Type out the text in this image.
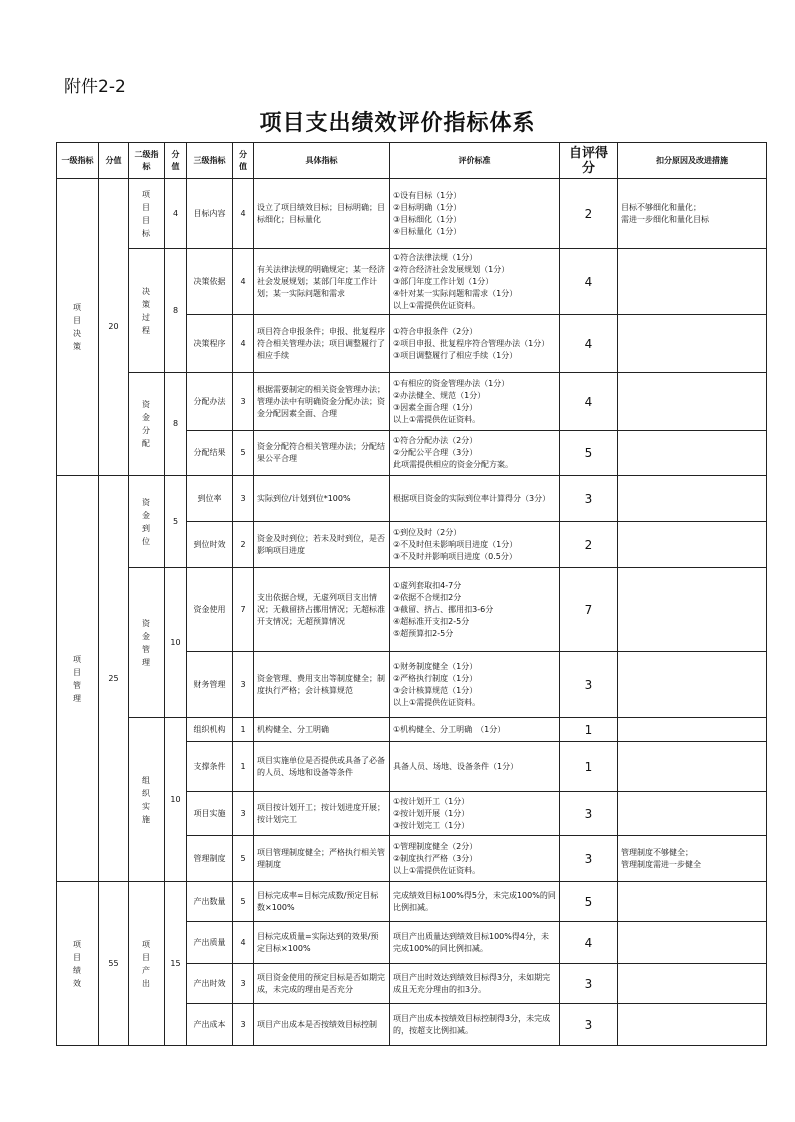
附件2-2
项目支出绩效评价指标体系
一级指标	分值	二级指标	分值	三级指标	分值	具体指标	评价标准	自评得分	扣分原因及改进措施
项目决策	20	项目目标	4	目标内容	4	设立了项目绩效目标；目标明确；目标细化；目标量化	①设有目标（1分）
②目标明确（1分）
③目标细化（1分）
④目标量化（1分）	2	目标不够细化和量化；
需进一步细化和量化目标

		决策过程	8	决策依据	4	有关法律法规的明确规定；某一经济社会发展规划；某部门年度工作计划；某一实际问题和需求	①符合法律法规（1分）
②符合经济社会发展规划（1分）
③部门年度工作计划（1分）
④针对某一实际问题和需求（1分）
以上①需提供佐证资料。	4	

				决策程序	4	项目符合申报条件；申报、批复程序符合相关管理办法；项目调整履行了相应手续	①符合申报条件（2分）
②项目申报、批复程序符合管理办法（1分）
③项目调整履行了相应手续（1分）	4	

		资金分配	8	分配办法	3	根据需要制定的相关资金管理办法；管理办法中有明确资金分配办法；资金分配因素全面、合理	①有相应的资金管理办法（1分）
②办法健全、规范（1分）
③因素全面合理（1分）
以上①需提供佐证资料。	4	

				分配结果	5	资金分配符合相关管理办法；分配结果公平合理	①符合分配办法（2分）
②分配公平合理（3分）
此项需提供相应的资金分配方案。	5	

项目管理	25	资金到位	5	到位率	3	实际到位/计划到位*100%	根据项目资金的实际到位率计算得分（3分）	3	

				到位时效	2	资金及时到位；若未及时到位，是否影响项目进度	①到位及时（2分）
②不及时但未影响项目进度（1分）
③不及时并影响项目进度（0.5分）	2	

		资金管理	10	资金使用	7	支出依据合规，无虚列项目支出情况；无截留挤占挪用情况；无超标准开支情况；无超预算情况	①虚列套取扣4-7分
②依据不合规扣2分
③截留、挤占、挪用扣3-6分
④超标准开支扣2-5分
⑤超预算扣2-5分	7	

				财务管理	3	资金管理、费用支出等制度健全；制度执行严格；会计核算规范	①财务制度健全（1分）
②严格执行制度（1分）
③会计核算规范（1分）
以上①需提供佐证资料。	3	

		组织实施	10	组织机构	1	机构健全、分工明确	①机构健全、分工明确　（1分）	1	

				支撑条件	1	项目实施单位是否提供或具备了必备的人员、场地和设备等条件	具备人员、场地、设备条件（1分）	1	

				项目实施	3	项目按计划开工；按计划进度开展；按计划完工	①按计划开工（1分）
②按计划开展（1分）
③按计划完工（1分）	3	

				管理制度	5	项目管理制度健全；严格执行相关管理制度	①管理制度健全（2分）
②制度执行严格（3分）
以上①需提供佐证资料。	3	管理制度不够健全；
管理制度需进一步健全

项目绩效	55	项目产出	15	产出数量	5	目标完成率=目标完成数/预定目标数×100%	完成绩效目标100%得5分，未完成100%的同比例扣减。	5	

				产出质量	4	目标完成质量=实际达到的效果/预定目标×100%	项目产出质量达到绩效目标100%得4分，未完成100%的同比例扣减。	4	

				产出时效	3	项目资金使用的预定目标是否如期完成，未完成的理由是否充分	项目产出时效达到绩效目标得3分，未如期完成且无充分理由的扣3分。	3	

				产出成本	3	项目产出成本是否按绩效目标控制	项目产出成本按绩效目标控制得3分，未完成的，按超支比例扣减。	3	
